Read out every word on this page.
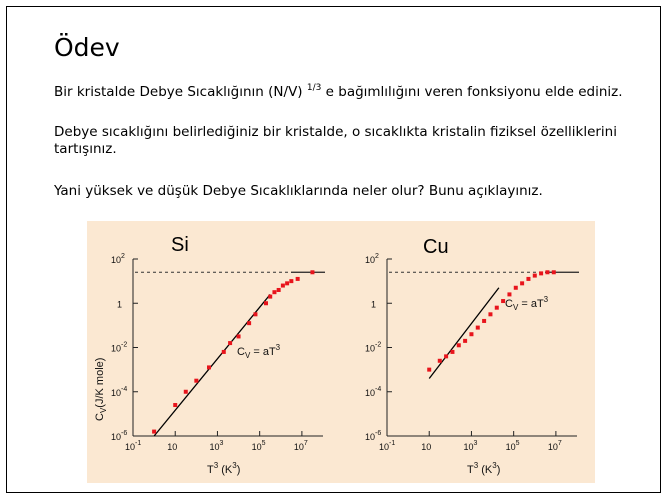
Ödev
Bir kristalde Debye Sıcaklığının (N/V) $^{1/3}$ e bağımlılığını veren fonksiyonu elde ediniz.
Debye sıcaklığını belirlediğiniz bir kristalde, o sıcaklıkta kristalin fiziksel özelliklerini tartışınız.
Yani yüksek ve düşük Debye Sıcaklıklarında neler olur? Bunu açıklayınız.
$C_V(J/K$ mole)
Si
$10^2$
1
$10^{-2}$
$10^{-4}$
$10^{-6}$
$10^{-1}$	10	$10^3$	$10^5$	$10^7$
$C_V = aT^3$
Cu
$10^2$
1
$10^{-2}$
$10^{-4}$
$10^{-6}$
$10^{-1}$	10	$10^3$	$10^5$	$10^7$
$C_V = aT^3$
$T^3$ $(K^3)$	$T^3$ $(K^3)$
